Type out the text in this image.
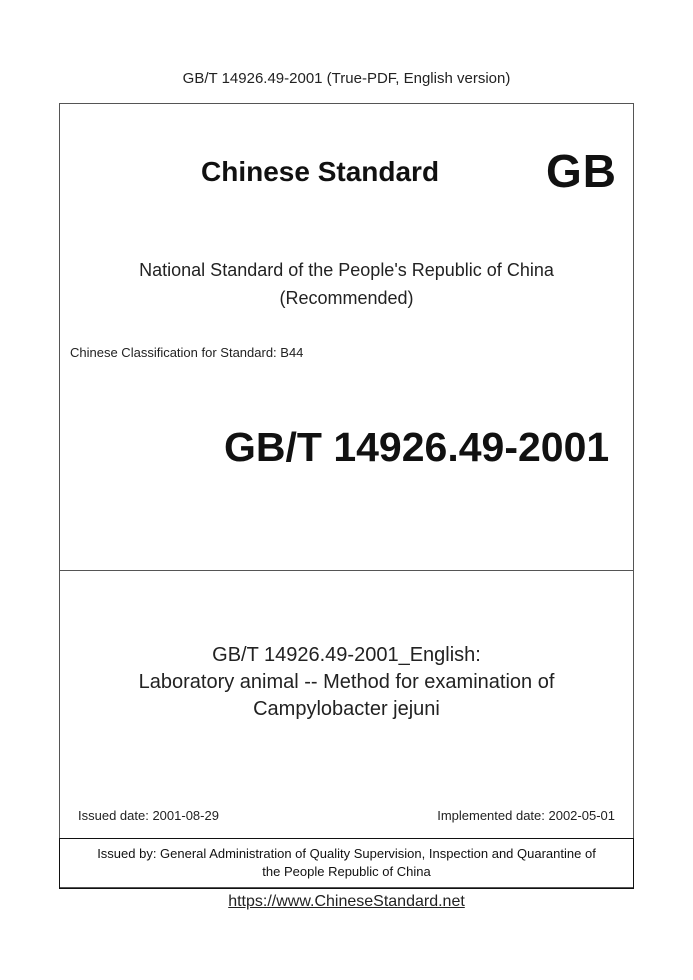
GB/T 14926.49-2001 (True-PDF, English version)
Chinese Standard GB
National Standard of the People's Republic of China
(Recommended)
Chinese Classification for Standard: B44
GB/T 14926.49-2001
GB/T 14926.49-2001_English:
Laboratory animal -- Method for examination of
Campylobacter jejuni
Issued date: 2001-08-29	Implemented date: 2002-05-01
Issued by: General Administration of Quality Supervision, Inspection and Quarantine of
the People Republic of China
https://www.ChineseStandard.net
